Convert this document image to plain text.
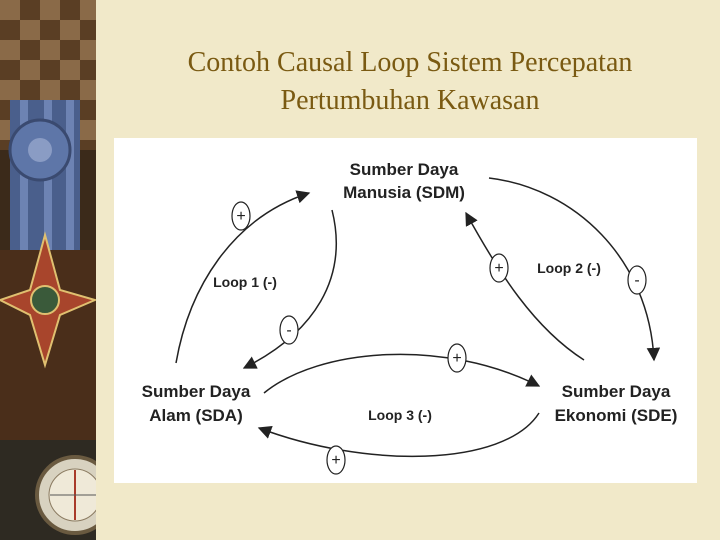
Contoh Causal Loop Sistem Percepatan
Pertumbuhan Kawasan
+
-
+
-
+
+
Sumber Daya
Manusia (SDM)
Sumber Daya
Alam (SDA)
Sumber Daya
Ekonomi (SDE)
Loop 1 (-)
Loop 2 (-)
Loop 3 (-)
